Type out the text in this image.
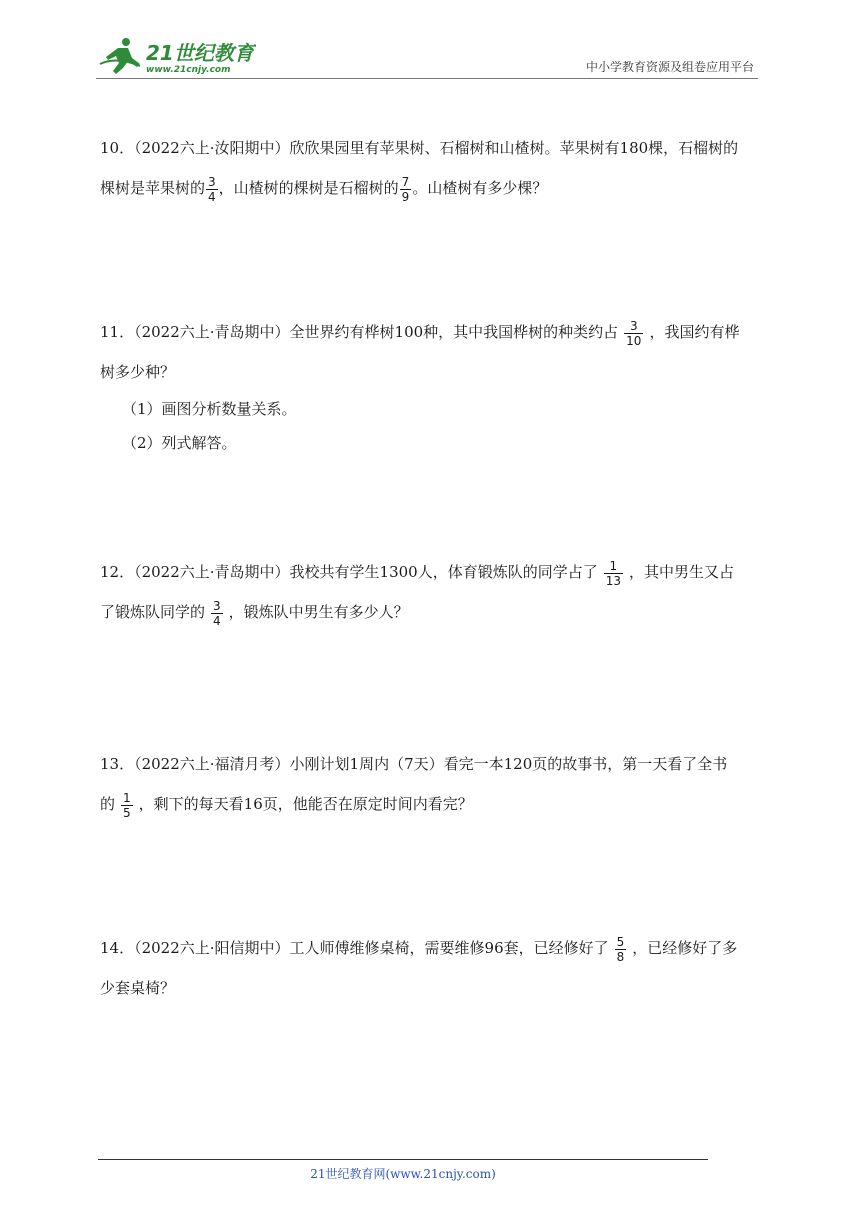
21世纪教育
www.21cnjy.com	中小学教育资源及组卷应用平台
10．（2022六上·汝阳期中）欣欣果园里有苹果树、石榴树和山楂树。苹果树有180棵，石榴树的
棵树是苹果树的 $\frac{3}{4}$ ，山楂树的棵树是石榴树的 $\frac{7}{9}$ 。山楂树有多少棵？
11．（2022六上·青岛期中）全世界约有桦树100种，其中我国桦树的种类约占 $\frac{3}{10}$ ，我国约有桦
树多少种？
（1）画图分析数量关系。
（2）列式解答。
12．（2022六上·青岛期中）我校共有学生1300人，体育锻炼队的同学占了 $\frac{1}{13}$ ，其中男生又占
了锻炼队同学的 $\frac{3}{4}$ ，锻炼队中男生有多少人？
13．（2022六上·福清月考）小刚计划1周内（7天）看完一本120页的故事书，第一天看了全书
的 $\frac{1}{5}$ ，剩下的每天看16页，他能否在原定时间内看完？
14．（2022六上·阳信期中）工人师傅维修桌椅，需要维修96套，已经修好了 $\frac{5}{8}$ ，已经修好了多
少套桌椅？
21世纪教育网(www.21cnjy.com)
